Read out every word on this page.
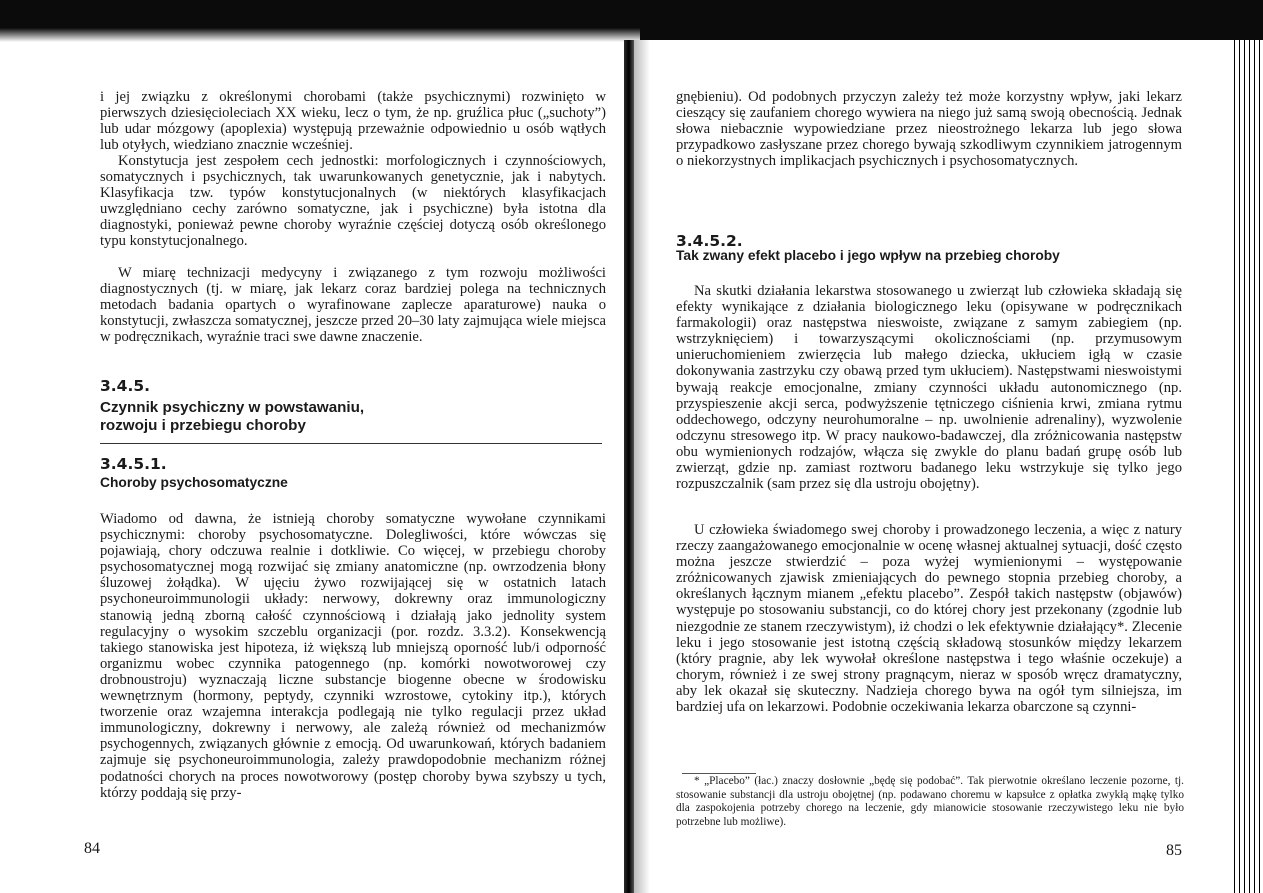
i jej związku z określonymi chorobami (także psychicznymi) rozwinięto w pierwszych dziesięcioleciach XX wieku, lecz o tym, że np. gruźlica płuc („suchoty”) lub udar mózgowy (apoplexia) występują przeważnie odpowiednio u osób wątłych lub otyłych, wiedziano znacznie wcześniej.

Konstytucja jest zespołem cech jednostki: morfologicznych i czynnościowych, somatycznych i psychicznych, tak uwarunkowanych genetycznie, jak i nabytych. Klasyfikacja tzw. typów konstytucjonalnych (w niektórych klasyfikacjach uwzględniano cechy zarówno somatyczne, jak i psychiczne) była istotna dla diagnostyki, ponieważ pewne choroby wyraźnie częściej dotyczą osób określonego typu konstytucjonalnego.

W miarę technizacji medycyny i związanego z tym rozwoju możliwości diagnostycznych (tj. w miarę, jak lekarz coraz bardziej polega na technicznych metodach badania opartych o wyrafinowane zaplecze aparaturowe) nauka o konstytucji, zwłaszcza somatycznej, jeszcze przed 20–30 laty zajmująca wiele miejsca w podręcznikach, wyraźnie traci swe dawne znaczenie.

3.4.5.

Czynnik psychiczny w powstawaniu,

rozwoju i przebiegu choroby

3.4.5.1.

Choroby psychosomatyczne

Wiadomo od dawna, że istnieją choroby somatyczne wywołane czynnikami psychicznymi: choroby psychosomatyczne. Dolegliwości, które wówczas się pojawiają, chory odczuwa realnie i dotkliwie. Co więcej, w przebiegu choroby psychosomatycznej mogą rozwijać się zmiany anatomiczne (np. owrzodzenia błony śluzowej żołądka). W ujęciu żywo rozwijającej się w ostatnich latach psychoneuroimmunologii układy: nerwowy, dokrewny oraz immunologiczny stanowią jedną zborną całość czynnościową i działają jako jednolity system regulacyjny o wysokim szczeblu organizacji (por. rozdz. 3.3.2). Konsekwencją takiego stanowiska jest hipoteza, iż większą lub mniejszą oporność lub/i odporność organizmu wobec czynnika patogennego (np. komórki nowotworowej czy drobnoustroju) wyznaczają liczne substancje biogenne obecne w środowisku wewnętrznym (hormony, peptydy, czynniki wzrostowe, cytokiny itp.), których tworzenie oraz wzajemna interakcja podlegają nie tylko regulacji przez układ immunologiczny, dokrewny i nerwowy, ale zależą również od mechanizmów psychogennych, związanych głównie z emocją. Od uwarunkowań, których badaniem zajmuje się psychoneuroimmunologia, zależy prawdopodobnie mechanizm różnej podatności chorych na proces nowotworowy (postęp choroby bywa szybszy u tych, którzy poddają się przy-

84

gnębieniu). Od podobnych przyczyn zależy też może korzystny wpływ, jaki lekarz cieszący się zaufaniem chorego wywiera na niego już samą swoją obecnością. Jednak słowa niebacznie wypowiedziane przez nieostrożnego lekarza lub jego słowa przypadkowo zasłyszane przez chorego bywają szkodliwym czynnikiem jatrogennym o niekorzystnych implikacjach psychicznych i psychosomatycznych.

3.4.5.2.

Tak zwany efekt placebo i jego wpływ na przebieg choroby

Na skutki działania lekarstwa stosowanego u zwierząt lub człowieka składają się efekty wynikające z działania biologicznego leku (opisywane w podręcznikach farmakologii) oraz następstwa nieswoiste, związane z samym zabiegiem (np. wstrzyknięciem) i towarzyszącymi okolicznościami (np. przymusowym unieruchomieniem zwierzęcia lub małego dziecka, ukłuciem igłą w czasie dokonywania zastrzyku czy obawą przed tym ukłuciem). Następstwami nieswoistymi bywają reakcje emocjonalne, zmiany czynności układu autonomicznego (np. przyspieszenie akcji serca, podwyższenie tętniczego ciśnienia krwi, zmiana rytmu oddechowego, odczyny neurohumoralne – np. uwolnienie adrenaliny), wyzwolenie odczynu stresowego itp. W pracy naukowo-badawczej, dla zróżnicowania następstw obu wymienionych rodzajów, włącza się zwykle do planu badań grupę osób lub zwierząt, gdzie np. zamiast roztworu badanego leku wstrzykuje się tylko jego rozpuszczalnik (sam przez się dla ustroju obojętny).

U człowieka świadomego swej choroby i prowadzonego leczenia, a więc z natury rzeczy zaangażowanego emocjonalnie w ocenę własnej aktualnej sytuacji, dość często można jeszcze stwierdzić – poza wyżej wymienionymi – występowanie zróżnicowanych zjawisk zmieniających do pewnego stopnia przebieg choroby, a określanych łącznym mianem „efektu placebo”. Zespół takich następstw (objawów) występuje po stosowaniu substancji, co do której chory jest przekonany (zgodnie lub niezgodnie ze stanem rzeczywistym), iż chodzi o lek efektywnie działający*. Zlecenie leku i jego stosowanie jest istotną częścią składową stosunków między lekarzem (który pragnie, aby lek wywołał określone następstwa i tego właśnie oczekuje) a chorym, również i ze swej strony pragnącym, nieraz w sposób wręcz dramatyczny, aby lek okazał się skuteczny. Nadzieja chorego bywa na ogół tym silniejsza, im bardziej ufa on lekarzowi. Podobnie oczekiwania lekarza obarczone są czynni-

* „Placebo” (łac.) znaczy dosłownie „będę się podobać”. Tak pierwotnie określano leczenie pozorne, tj. stosowanie substancji dla ustroju obojętnej (np. podawano choremu w kapsułce z opłatka zwykłą mąkę tylko dla zaspokojenia potrzeby chorego na leczenie, gdy mianowicie stosowanie rzeczywistego leku nie było potrzebne lub możliwe).

85
